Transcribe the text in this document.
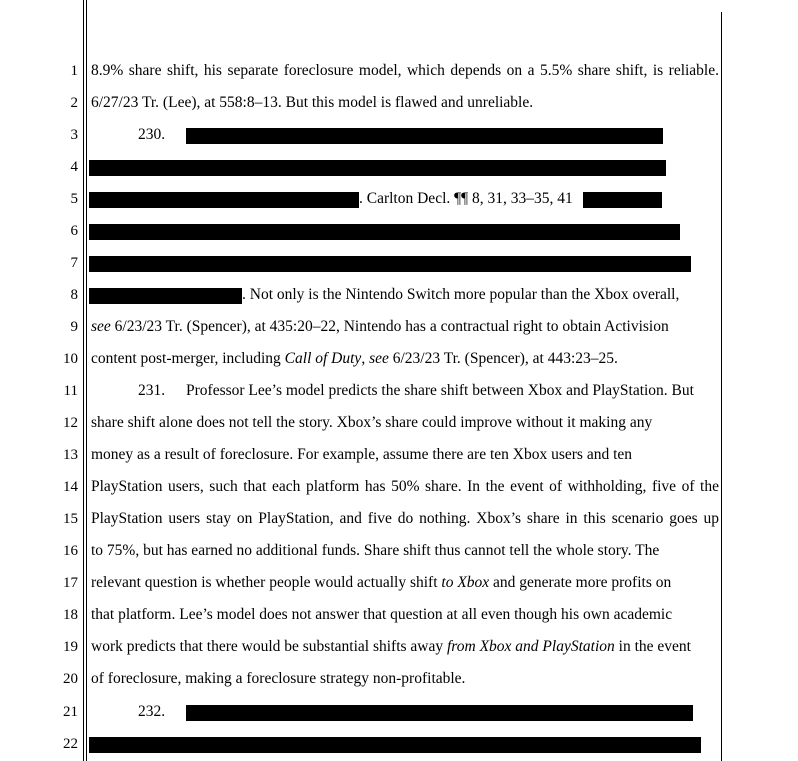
1
2
3
4
5
6
7
8
9
10
11
12
13
14
15
16
17
18
19
20
21
22
8.9% share shift, his separate foreclosure model, which depends on a 5.5% share shift, is reliable.
6/27/23 Tr. (Lee), at 558:8–13. But this model is flawed and unreliable.
230.
. Carlton Decl. ¶¶ 8, 31, 33–35, 41
. Not only is the Nintendo Switch more popular than the Xbox overall,
see 6/23/23 Tr. (Spencer), at 435:20–22, Nintendo has a contractual right to obtain Activision
content post-merger, including Call of Duty, see 6/23/23 Tr. (Spencer), at 443:23–25.
231. Professor Lee’s model predicts the share shift between Xbox and PlayStation. But
share shift alone does not tell the story. Xbox’s share could improve without it making any
money as a result of foreclosure. For example, assume there are ten Xbox users and ten
PlayStation users, such that each platform has 50% share. In the event of withholding, five of the
PlayStation users stay on PlayStation, and five do nothing. Xbox’s share in this scenario goes up
to 75%, but has earned no additional funds. Share shift thus cannot tell the whole story. The
relevant question is whether people would actually shift to Xbox and generate more profits on
that platform. Lee’s model does not answer that question at all even though his own academic
work predicts that there would be substantial shifts away from Xbox and PlayStation in the event
of foreclosure, making a foreclosure strategy non-profitable.
232.
